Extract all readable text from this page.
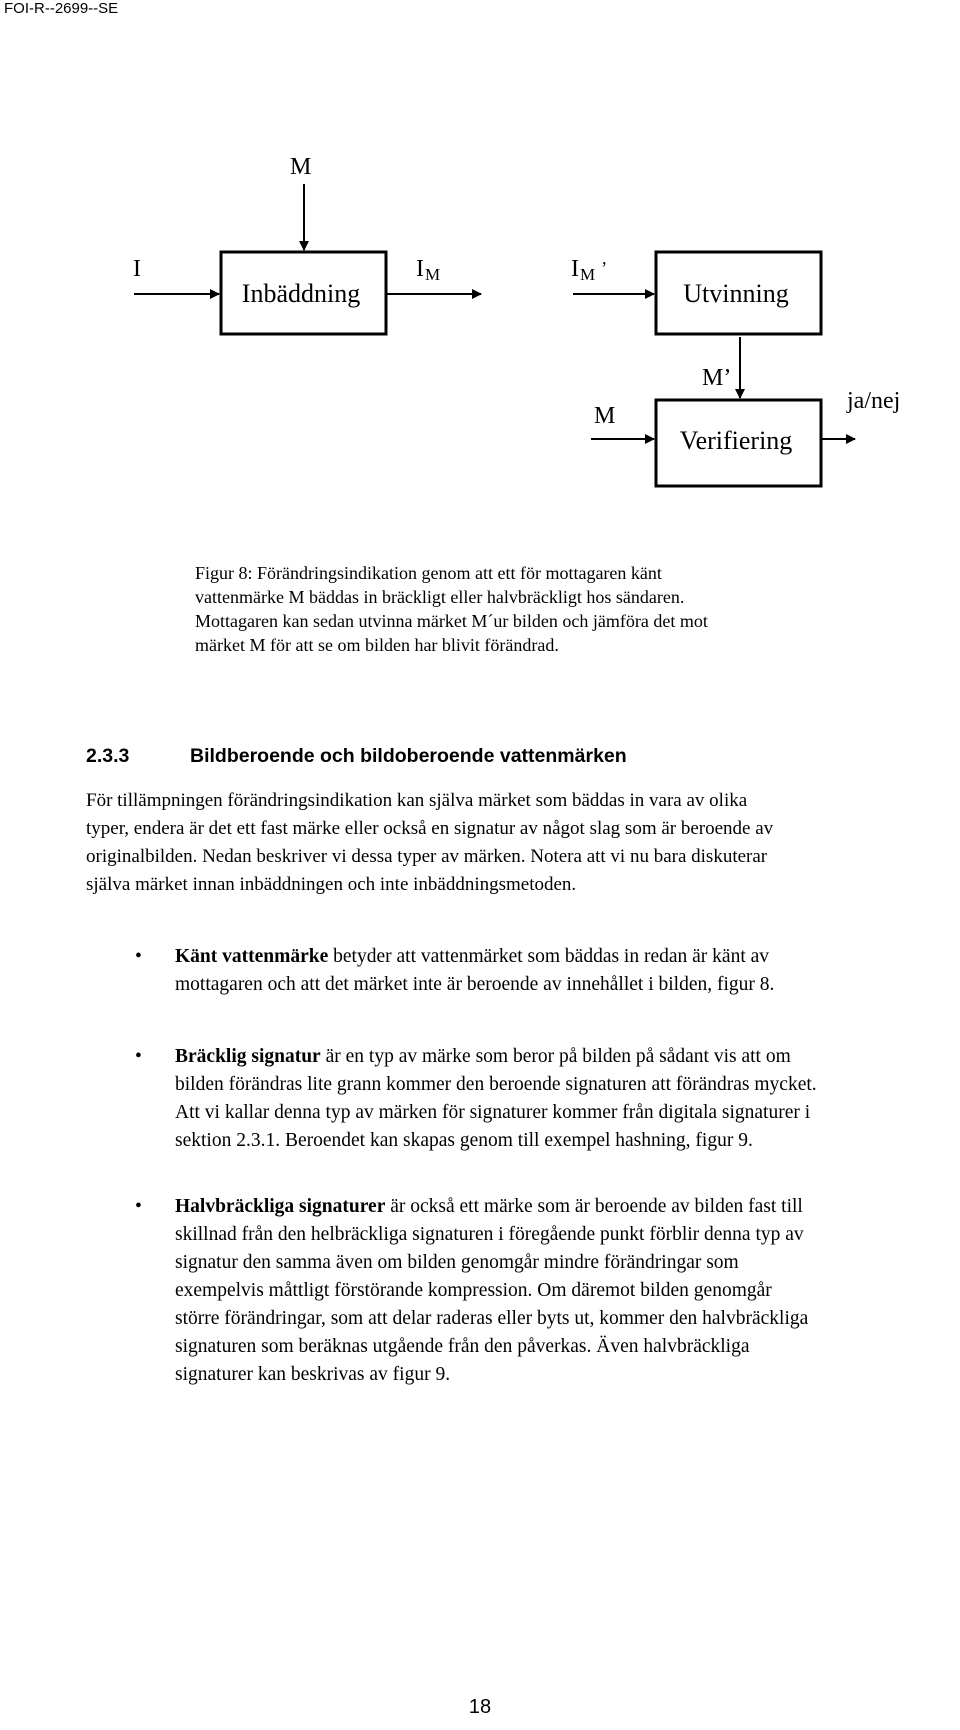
FOI-R--2699--SE
Inbäddning	Utvinning
Verifiering
M
I	IM	IM ’
M’
M
ja/nej
Figur 8: Förändringsindikation genom att ett för mottagaren känt
vattenmärke M bäddas in bräckligt eller halvbräckligt hos sändaren.
Mottagaren kan sedan utvinna märket M´ur bilden och jämföra det mot
märket M för att se om bilden har blivit förändrad.
2.3.3	Bildberoende och bildoberoende vattenmärken
För tillämpningen förändringsindikation kan själva märket som bäddas in vara av olika
typer, endera är det ett fast märke eller också en signatur av något slag som är beroende av
originalbilden. Nedan beskriver vi dessa typer av märken. Notera att vi nu bara diskuterar
själva märket innan inbäddningen och inte inbäddningsmetoden.
•	Känt vattenmärke betyder att vattenmärket som bäddas in redan är känt av
mottagaren och att det märket inte är beroende av innehållet i bilden, figur 8.
•	Bräcklig signatur är en typ av märke som beror på bilden på sådant vis att om
bilden förändras lite grann kommer den beroende signaturen att förändras mycket.
Att vi kallar denna typ av märken för signaturer kommer från digitala signaturer i
sektion 2.3.1. Beroendet kan skapas genom till exempel hashning, figur 9.
•	Halvbräckliga signaturer är också ett märke som är beroende av bilden fast till
skillnad från den helbräckliga signaturen i föregående punkt förblir denna typ av
signatur den samma även om bilden genomgår mindre förändringar som
exempelvis måttligt förstörande kompression. Om däremot bilden genomgår
större förändringar, som att delar raderas eller byts ut, kommer den halvbräckliga
signaturen som beräknas utgående från den påverkas. Även halvbräckliga
signaturer kan beskrivas av figur 9.
18
